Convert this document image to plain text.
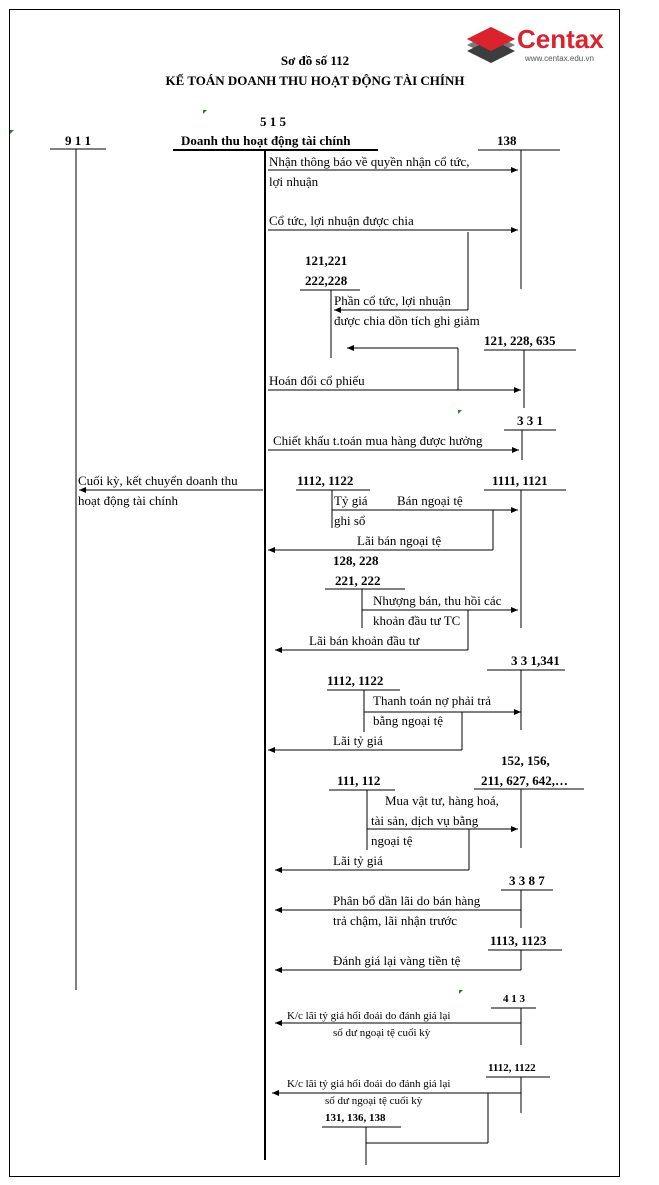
Centax
www.centax.edu.vn
Sơ đồ số 112
KẾ TOÁN DOANH THU HOẠT ĐỘNG TÀI CHÍNH
9 1 1
5 1 5
Doanh thu hoạt động tài chính	138
121,221
222,228
121, 228, 635
3 3 1
1112, 1122	1111, 1121
128, 228
221, 222
3 3 1,341
1112, 1122
152, 156,
211, 627, 642,…
111, 112
3 3 8 7
1113, 1123
4 1 3
1112, 1122
131, 136, 138
Nhận thông báo về quyền nhận cổ tức,
lợi nhuận
Cổ tức, lợi nhuận được chia
Phần cổ tức, lợi nhuận
được chia dồn tích ghi giảm
Hoán đổi cổ phiếu
Chiết khấu t.toán mua hàng được hưởng
Cuối kỳ, kết chuyển doanh thu
hoạt động tài chính	Tỷ giá
ghi sổ
Bán ngoại tệ
Lãi bán ngoại tệ
Nhượng bán, thu hồi các
khoản đầu tư TC
Lãi bán khoản đầu tư
Thanh toán nợ phải trả
bằng ngoại tệ
Lãi tỷ giá
Mua vật tư, hàng hoá,
tài sản, dịch vụ bằng
ngoại tệ
Lãi tỷ giá
Phân bổ dần lãi do bán hàng
trả chậm, lãi nhận trước
Đánh giá lại vàng tiền tệ
K/c lãi tỷ giá hối đoái do đánh giá lại
số dư ngoại tệ cuối kỳ
K/c lãi tỷ giá hối đoái do đánh giá lại
số dư ngoại tệ cuối kỳ
